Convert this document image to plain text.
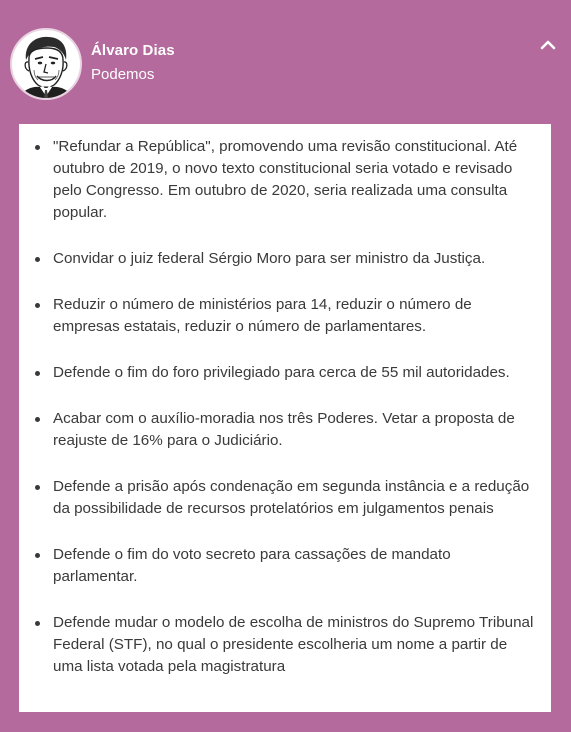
Álvaro Dias
Podemos
"Refundar a República", promovendo uma revisão constitucional. Até outubro de 2019, o novo texto constitucional seria votado e revisado pelo Congresso. Em outubro de 2020, seria realizada uma consulta popular.
Convidar o juiz federal Sérgio Moro para ser ministro da Justiça.
Reduzir o número de ministérios para 14, reduzir o número de empresas estatais, reduzir o número de parlamentares.
Defende o fim do foro privilegiado para cerca de 55 mil autoridades.
Acabar com o auxílio-moradia nos três Poderes. Vetar a proposta de reajuste de 16% para o Judiciário.
Defende a prisão após condenação em segunda instância e a redução da possibilidade de recursos protelatórios em julgamentos penais
Defende o fim do voto secreto para cassações de mandato parlamentar.
Defende mudar o modelo de escolha de ministros do Supremo Tribunal Federal (STF), no qual o presidente escolheria um nome a partir de uma lista votada pela magistratura
